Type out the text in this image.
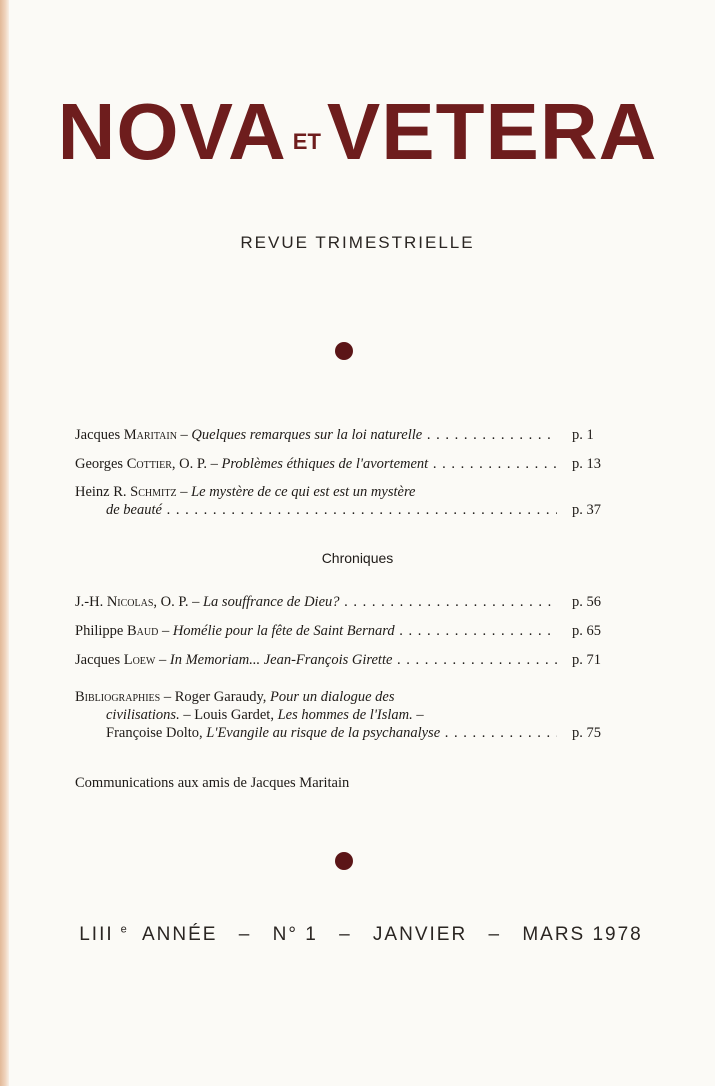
NOVA ETVETERA
REVUE TRIMESTRIELLE
Jacques Maritain – Quelques remarques sur la loi naturelle . . .	p. 1
Georges Cottier, O. P. – Problèmes éthiques de l'avortement . . .	p. 13
Heinz R. Schmitz – Le mystère de ce qui est est un mystère
de beauté . . .	p. 37
Chroniques
J.-H. Nicolas, O. P. – La souffrance de Dieu? . . .	p. 56
Philippe Baud – Homélie pour la fête de Saint Bernard . . .	p. 65
Jacques Loew – In Memoriam... Jean-François Girette . . .	p. 71
Bibliographies – Roger Garaudy, Pour un dialogue des
civilisations. – Louis Gardet, Les hommes de l'Islam. –
Françoise Dolto, L'Evangile au risque de la psychanalyse . . .	p. 75
Communications aux amis de Jacques Maritain
LIII $^e$ ANNÉE – N° 1 – JANVIER – MARS 1978
